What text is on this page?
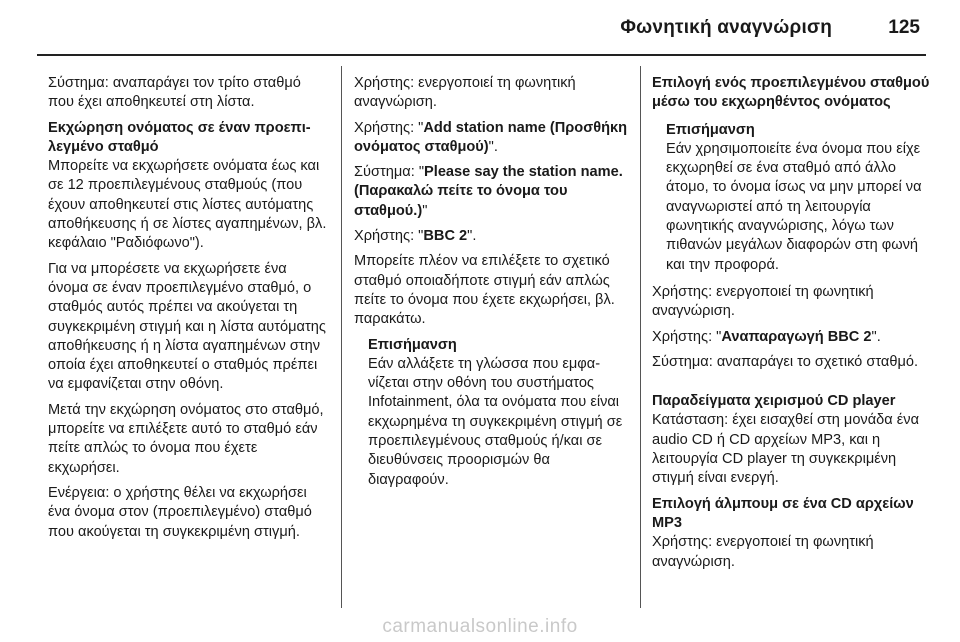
Φωνητική αναγνώριση	125

Σύστημα: αναπαράγει τον τρίτο σταθμό που έχει αποθηκευτεί στη λίστα.

Εκχώρηση ονόματος σε έναν προεπιλεγμένο σταθμό

Μπορείτε να εκχωρήσετε ονόματα έως και σε 12 προεπιλεγμένους σταθμούς (που έχουν αποθηκευτεί στις λίστες αυτόματης αποθήκευσης ή σε λίστες αγαπημένων, βλ. κεφάλαιο "Ραδιόφωνο").

Για να μπορέσετε να εκχωρήσετε ένα όνομα σε έναν προεπιλεγμένο σταθμό, ο σταθμός αυτός πρέπει να ακούγεται τη συγκεκριμένη στιγμή και η λίστα αυτόματης αποθήκευσης ή η λίστα αγαπημένων στην οποία έχει αποθηκευτεί ο σταθμός πρέπει να εμφανίζεται στην οθόνη.

Μετά την εκχώρηση ονόματος στο σταθμό, μπορείτε να επιλέξετε αυτό το σταθμό εάν πείτε απλώς το όνομα που έχετε εκχωρήσει.

Ενέργεια: ο χρήστης θέλει να εκχωρήσει ένα όνομα στον (προεπιλεγμένο) σταθμό που ακούγεται τη συγκεκριμένη στιγμή.

Χρήστης: ενεργοποιεί τη φωνητική αναγνώριση.

Χρήστης: "Add station name (Προσθήκη ονόματος σταθμού)".

Σύστημα: "Please say the station name. (Παρακαλώ πείτε το όνομα του σταθμού.)"

Χρήστης: "BBC 2".

Μπορείτε πλέον να επιλέξετε το σχετικό σταθμό οποιαδήποτε στιγμή εάν απλώς πείτε το όνομα που έχετε εκχωρήσει, βλ. παρακάτω.

Επισήμανση
Εάν αλλάξετε τη γλώσσα που εμφανίζεται στην οθόνη του συστήματος Infotainment, όλα τα ονόματα που είναι εκχωρημένα τη συγκεκριμένη στιγμή σε προεπιλεγμένους σταθμούς ή/και σε διευθύνσεις προορισμών θα διαγραφούν.

Επιλογή ενός προεπιλεγμένου σταθμού μέσω του εκχωρηθέντος ονόματος

Επισήμανση
Εάν χρησιμοποιείτε ένα όνομα που είχε εκχωρηθεί σε ένα σταθμό από άλλο άτομο, το όνομα ίσως να μην μπορεί να αναγνωριστεί από τη λειτουργία φωνητικής αναγνώρισης, λόγω των πιθανών μεγάλων διαφορών στη φωνή και την προφορά.

Χρήστης: ενεργοποιεί τη φωνητική αναγνώριση.

Χρήστης: "Αναπαραγωγή BBC 2".

Σύστημα: αναπαράγει το σχετικό σταθμό.

Παραδείγματα χειρισμού CD player

Κατάσταση: έχει εισαχθεί στη μονάδα ένα audio CD ή CD αρχείων MP3, και η λειτουργία CD player τη συγκεκριμένη στιγμή είναι ενεργή.

Επιλογή άλμπουμ σε ένα CD αρχείων MP3

Χρήστης: ενεργοποιεί τη φωνητική αναγνώριση.

carmanualsonline.info
